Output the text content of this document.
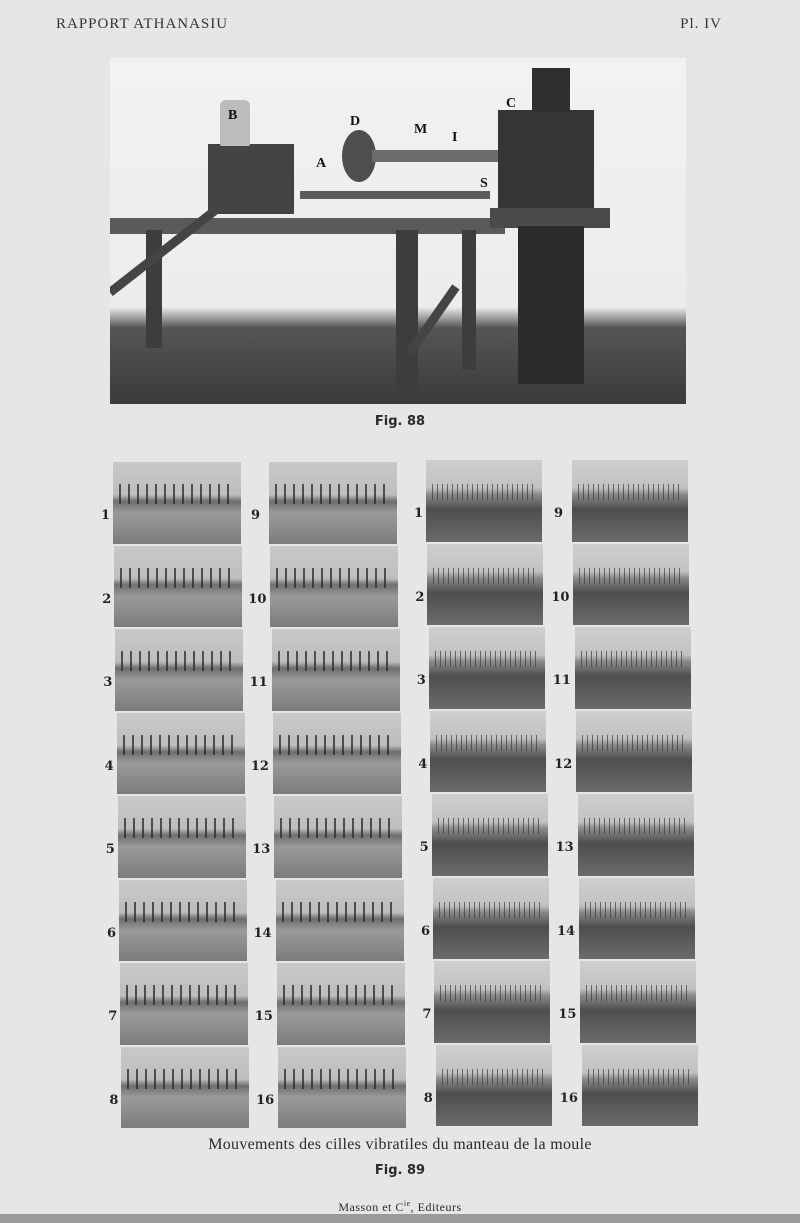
RAPPORT ATHANASIU	Pl. IV
B	D
M
I
C
A
S
Fig. 88
1
2
3
4
5
6
7
8
9
10
11
12
13
14
15
16
1
2
3
4
5
6
7
8
9
10
11
12
13
14
15
16
Mouvements des cilles vibratiles du manteau de la moule
Fig. 89
Masson et $C^{ie}$, Editeurs
